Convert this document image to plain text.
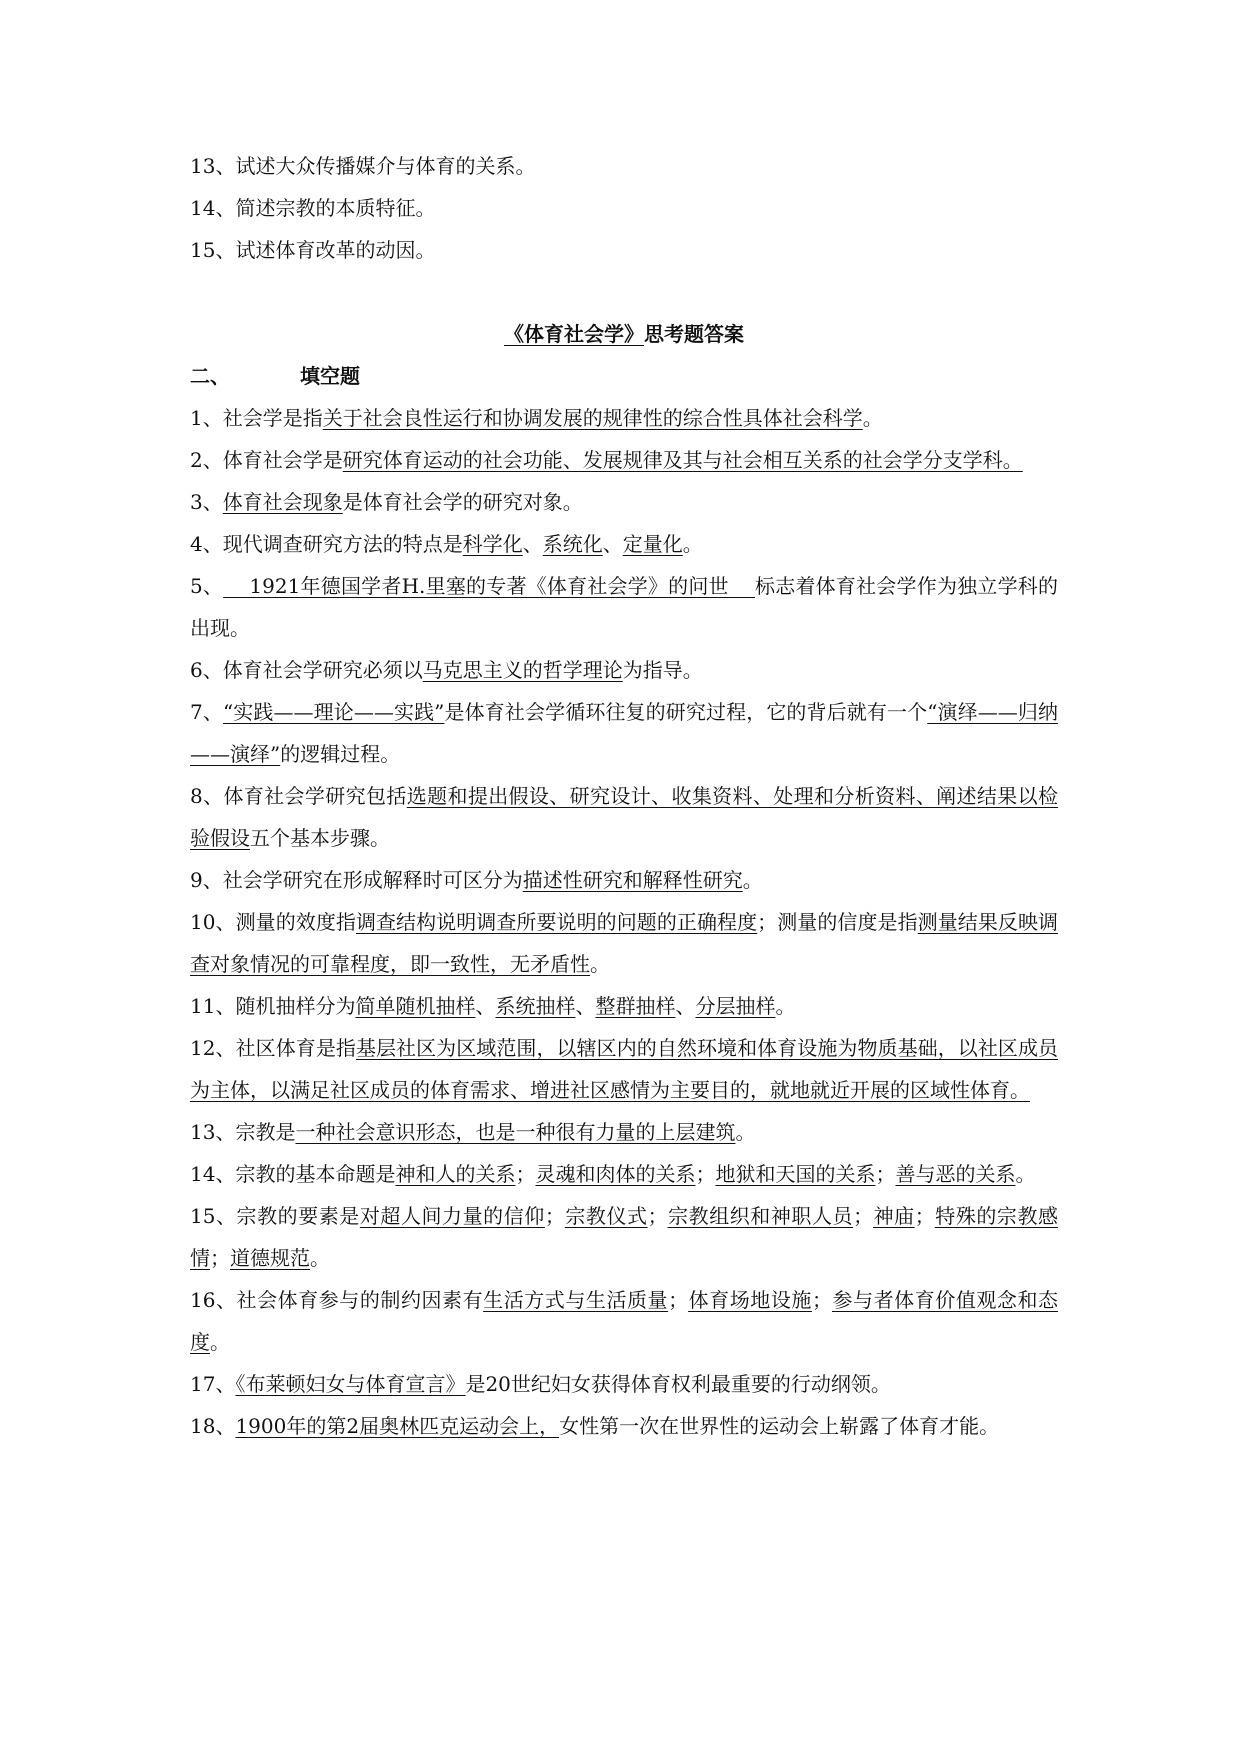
13、试述大众传播媒介与体育的关系。

14、简述宗教的本质特征。

15、试述体育改革的动因。

《体育社会学》思考题答案

二、	填空题

1、社会学是指关于社会良性运行和协调发展的规律性的综合性具体社会科学。

2、体育社会学是研究体育运动的社会功能、发展规律及其与社会相互关系的社会学分支学科。

3、体育社会现象是体育社会学的研究对象。

4、现代调查研究方法的特点是科学化、系统化、定量化。

5、    1921年德国学者H.里塞的专著《体育社会学》的问世    标志着体育社会学作为独立学科的出现。

6、体育社会学研究必须以马克思主义的哲学理论为指导。

7、“实践——理论——实践”是体育社会学循环往复的研究过程，它的背后就有一个“演绎——归纳——演绎”的逻辑过程。

8、体育社会学研究包括选题和提出假设、研究设计、收集资料、处理和分析资料、阐述结果以检验假设五个基本步骤。

9、社会学研究在形成解释时可区分为描述性研究和解释性研究。

10、测量的效度指调查结构说明调查所要说明的问题的正确程度；测量的信度是指测量结果反映调查对象情况的可靠程度，即一致性，无矛盾性。

11、随机抽样分为简单随机抽样、系统抽样、整群抽样、分层抽样。

12、社区体育是指基层社区为区域范围，以辖区内的自然环境和体育设施为物质基础，以社区成员为主体，以满足社区成员的体育需求、增进社区感情为主要目的，就地就近开展的区域性体育。

13、宗教是一种社会意识形态，也是一种很有力量的上层建筑。

14、宗教的基本命题是神和人的关系；灵魂和肉体的关系；地狱和天国的关系；善与恶的关系。

15、宗教的要素是对超人间力量的信仰；宗教仪式；宗教组织和神职人员；神庙；特殊的宗教感情；道德规范。

16、社会体育参与的制约因素有生活方式与生活质量；体育场地设施；参与者体育价值观念和态度。

17、《布莱顿妇女与体育宣言》是20世纪妇女获得体育权利最重要的行动纲领。

18、1900年的第2届奥林匹克运动会上，女性第一次在世界性的运动会上崭露了体育才能。
